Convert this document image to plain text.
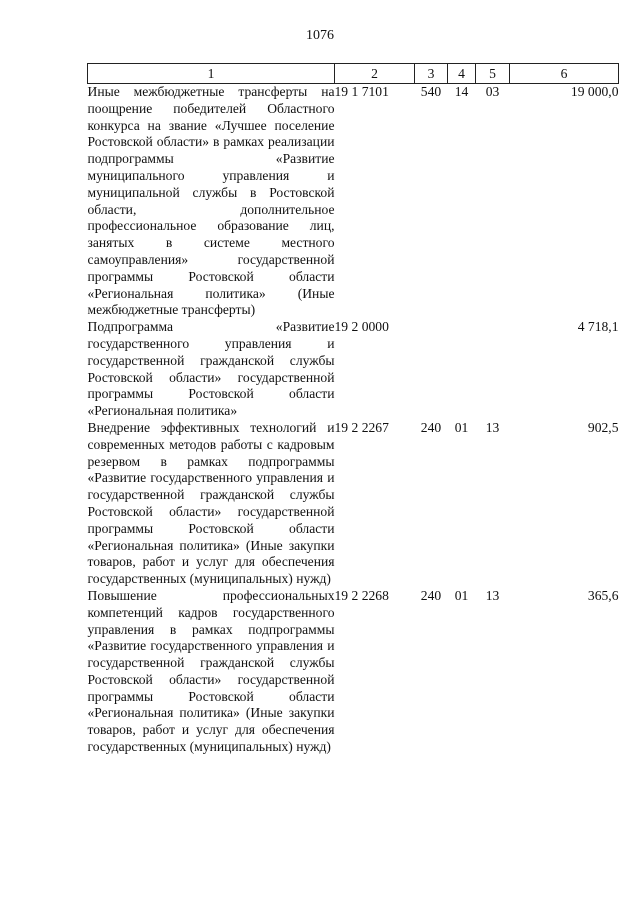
1076
1	2	3	4	5	6
Иные межбюджетные трансферты на поощрение победителей Областного конкурса на звание «Лучшее поселение Ростовской области» в рамках реализации подпрограммы «Развитие муниципального управления и муниципальной службы в Ростовской области, дополнительное профессиональное образование лиц, занятых в системе местного самоуправления» государственной программы Ростовской области «Региональная политика» (Иные межбюджетные трансферты)	19 1 7101	540	14	03	19 000,0
Подпрограмма «Развитие государственного управления и государственной гражданской службы Ростовской области» государственной программы Ростовской области «Региональная политика»	19 2 0000				4 718,1
Внедрение эффективных технологий и современных методов работы с кадровым резервом в рамках подпрограммы «Развитие государственного управления и государственной гражданской службы Ростовской области» государственной программы Ростовской области «Региональная политика» (Иные закупки товаров, работ и услуг для обеспечения государственных (муниципальных) нужд)	19 2 2267	240	01	13	902,5
Повышение профессиональных компетенций кадров государственного управления в рамках подпрограммы «Развитие государственного управления и государственной гражданской службы Ростовской области» государственной программы Ростовской области «Региональная политика» (Иные закупки товаров, работ и услуг для обеспечения государственных (муниципальных) нужд)	19 2 2268	240	01	13	365,6
